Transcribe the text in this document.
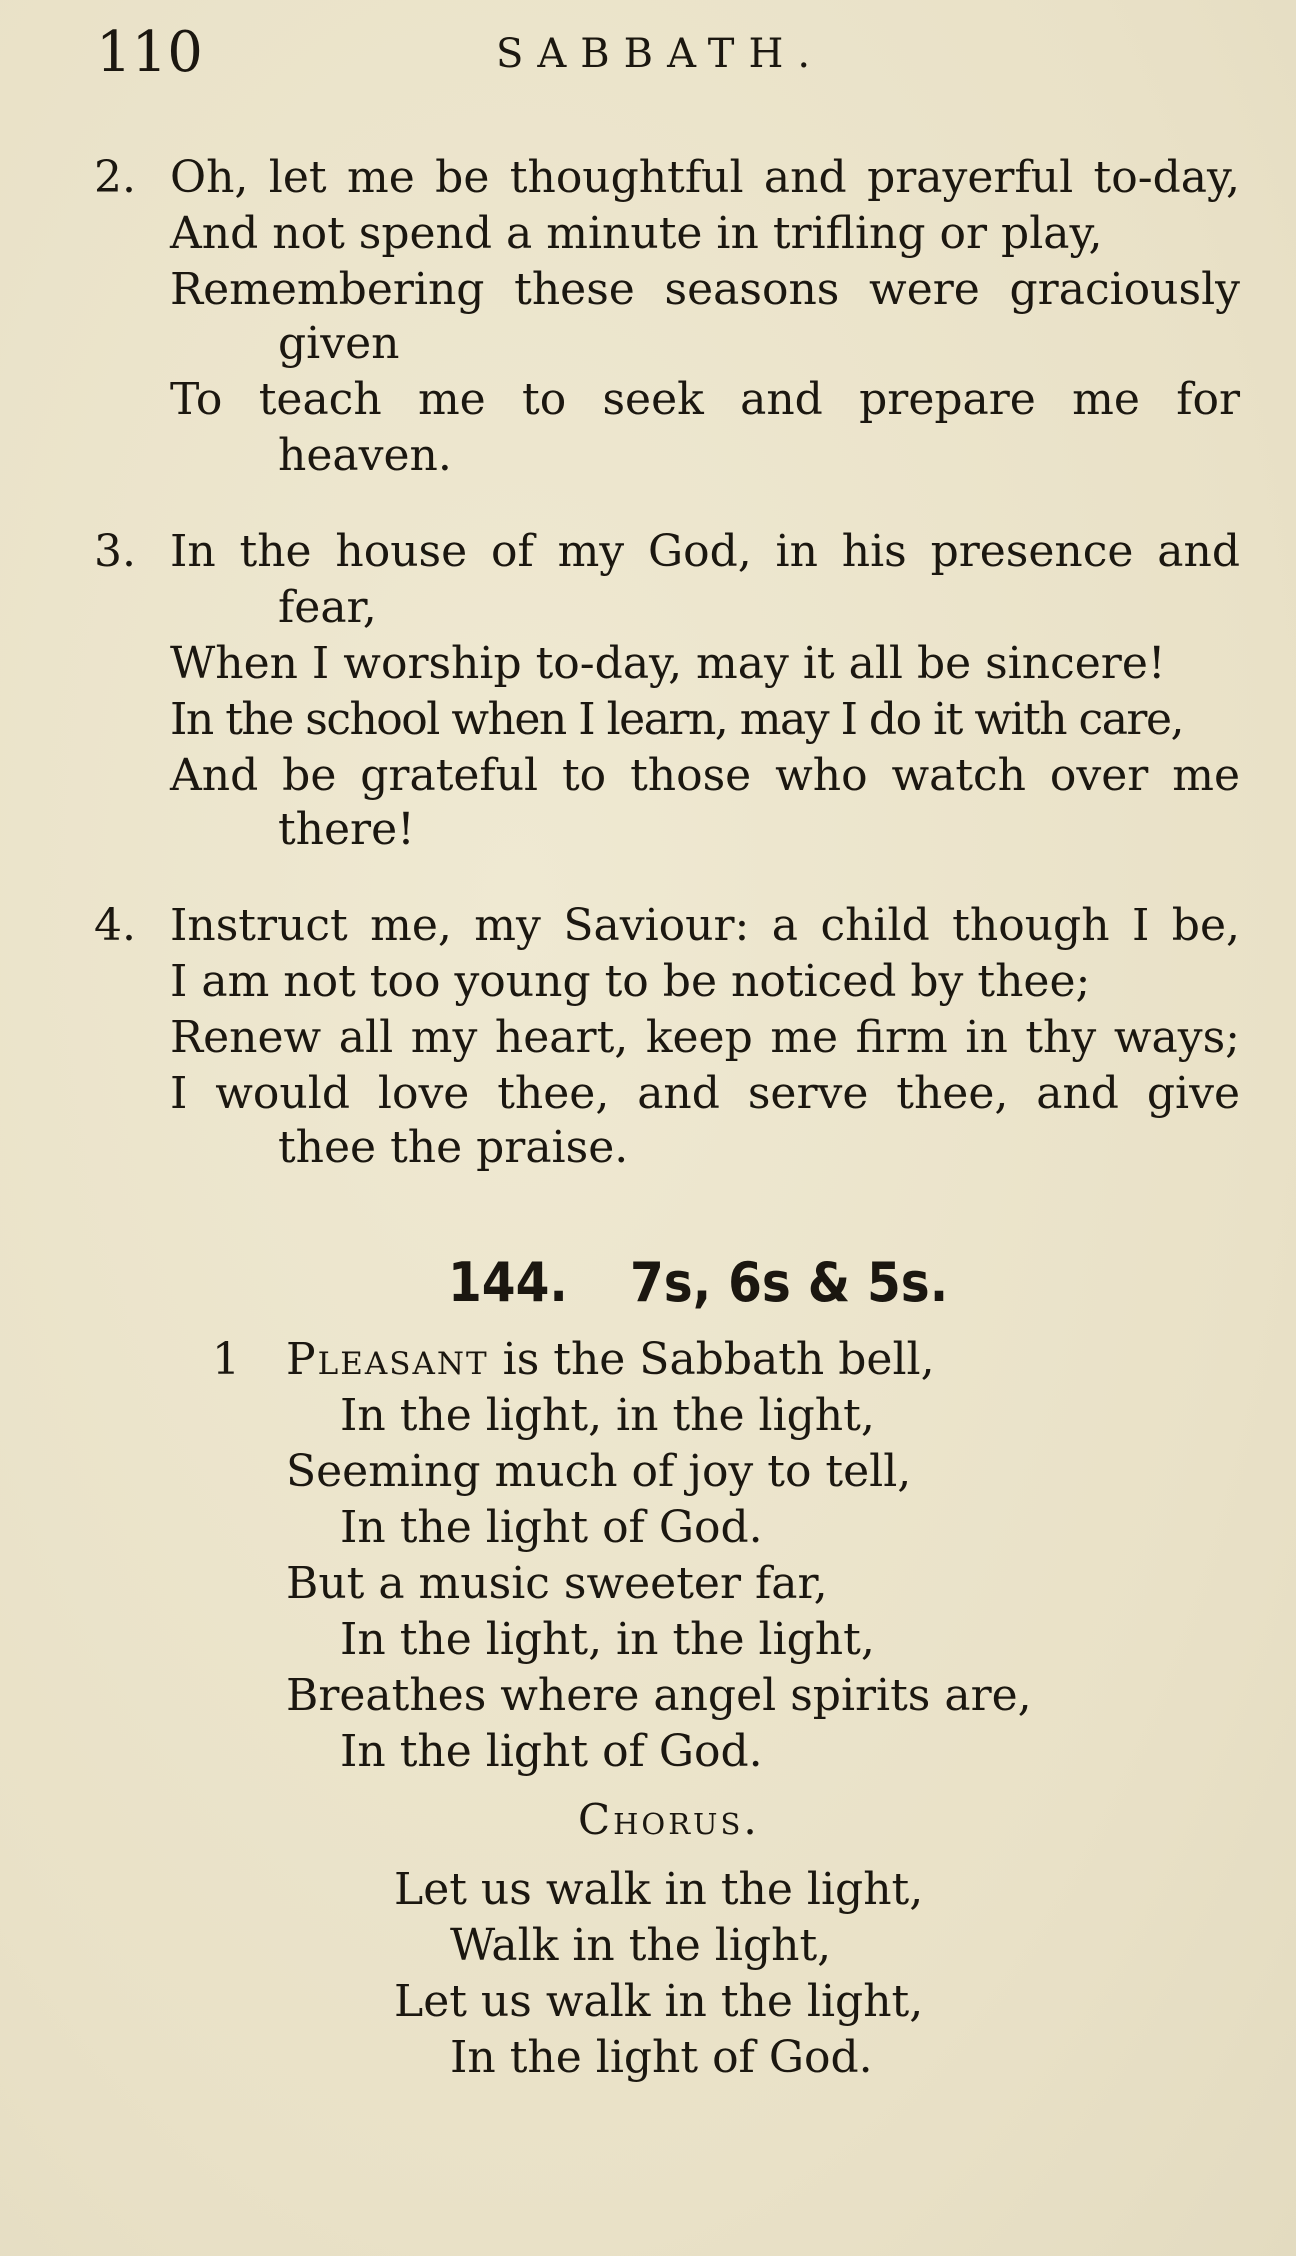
110	SABBATH.
2. Oh, let me be thoughtful and prayerful to-day,
And not spend a minute in trifling or play,
Remembering these seasons were graciously
given
To teach me to seek and prepare me for
heaven.
3. In the house of my God, in his presence and
fear,
When I worship to-day, may it all be sincere!
In the school when I learn, may I do it with care,
And be grateful to those who watch over me
there!
4. Instruct me, my Saviour: a child though I be,
I am not too young to be noticed by thee;
Renew all my heart, keep me firm in thy ways;
I would love thee, and serve thee, and give
thee the praise.
144. 7s, 6s & 5s.
1 Pleasant is the Sabbath bell,
In the light, in the light,
Seeming much of joy to tell,
In the light of God.
But a music sweeter far,
In the light, in the light,
Breathes where angel spirits are,
In the light of God.
Chorus.
Let us walk in the light,
Walk in the light,
Let us walk in the light,
In the light of God.
